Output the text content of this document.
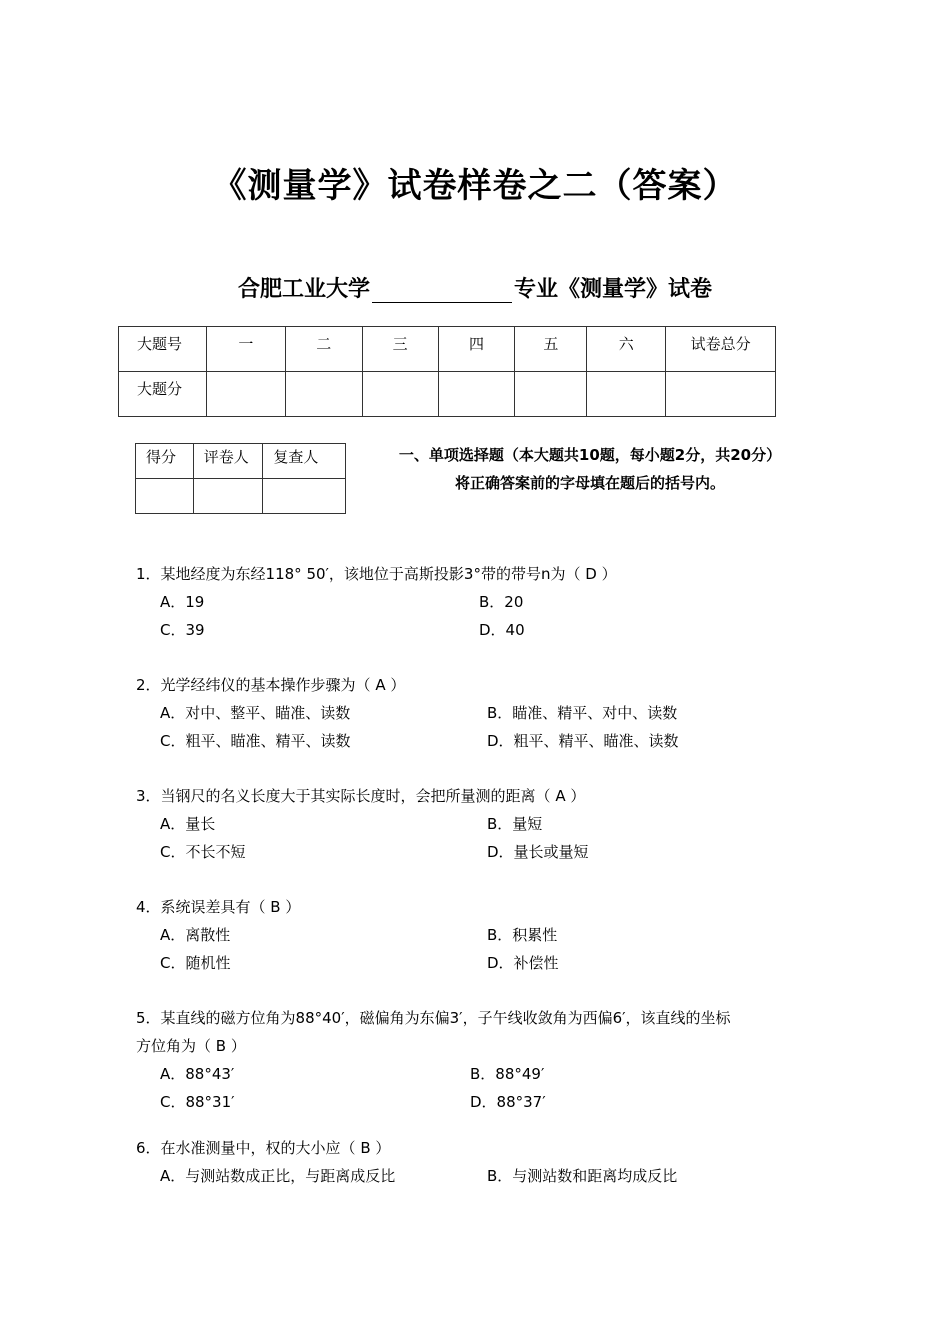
《测量学》试卷样卷之二（答案）
合肥工业大学	专业《测量学》试卷
大题号	一	二	三	四	五	六	试卷总分
大题分							
得分	评卷人	复查人
			一、单项选择题（本大题共10题，每小题2分，共20分）
将正确答案前的字母填在题后的括号内。
1．某地经度为东经118° 50′，该地位于高斯投影3°带的带号n为（ D ）
A．19	B．20
C．39	D．40
2．光学经纬仪的基本操作步骤为（ A ）
A．对中、整平、瞄准、读数	B．瞄准、精平、对中、读数
C．粗平、瞄准、精平、读数	D．粗平、精平、瞄准、读数
3．当钢尺的名义长度大于其实际长度时，会把所量测的距离（ A ）
A．量长	B．量短
C．不长不短	D．量长或量短
4．系统误差具有（ B ）
A．离散性	B．积累性
C．随机性	D．补偿性
5．某直线的磁方位角为88°40′，磁偏角为东偏3′，子午线收敛角为西偏6′，该直线的坐标
方位角为（ B ）
A．88°43′	B．88°49′
C．88°31′	D．88°37′
6．在水准测量中，权的大小应（ B ）
A．与测站数成正比，与距离成反比	B．与测站数和距离均成反比
